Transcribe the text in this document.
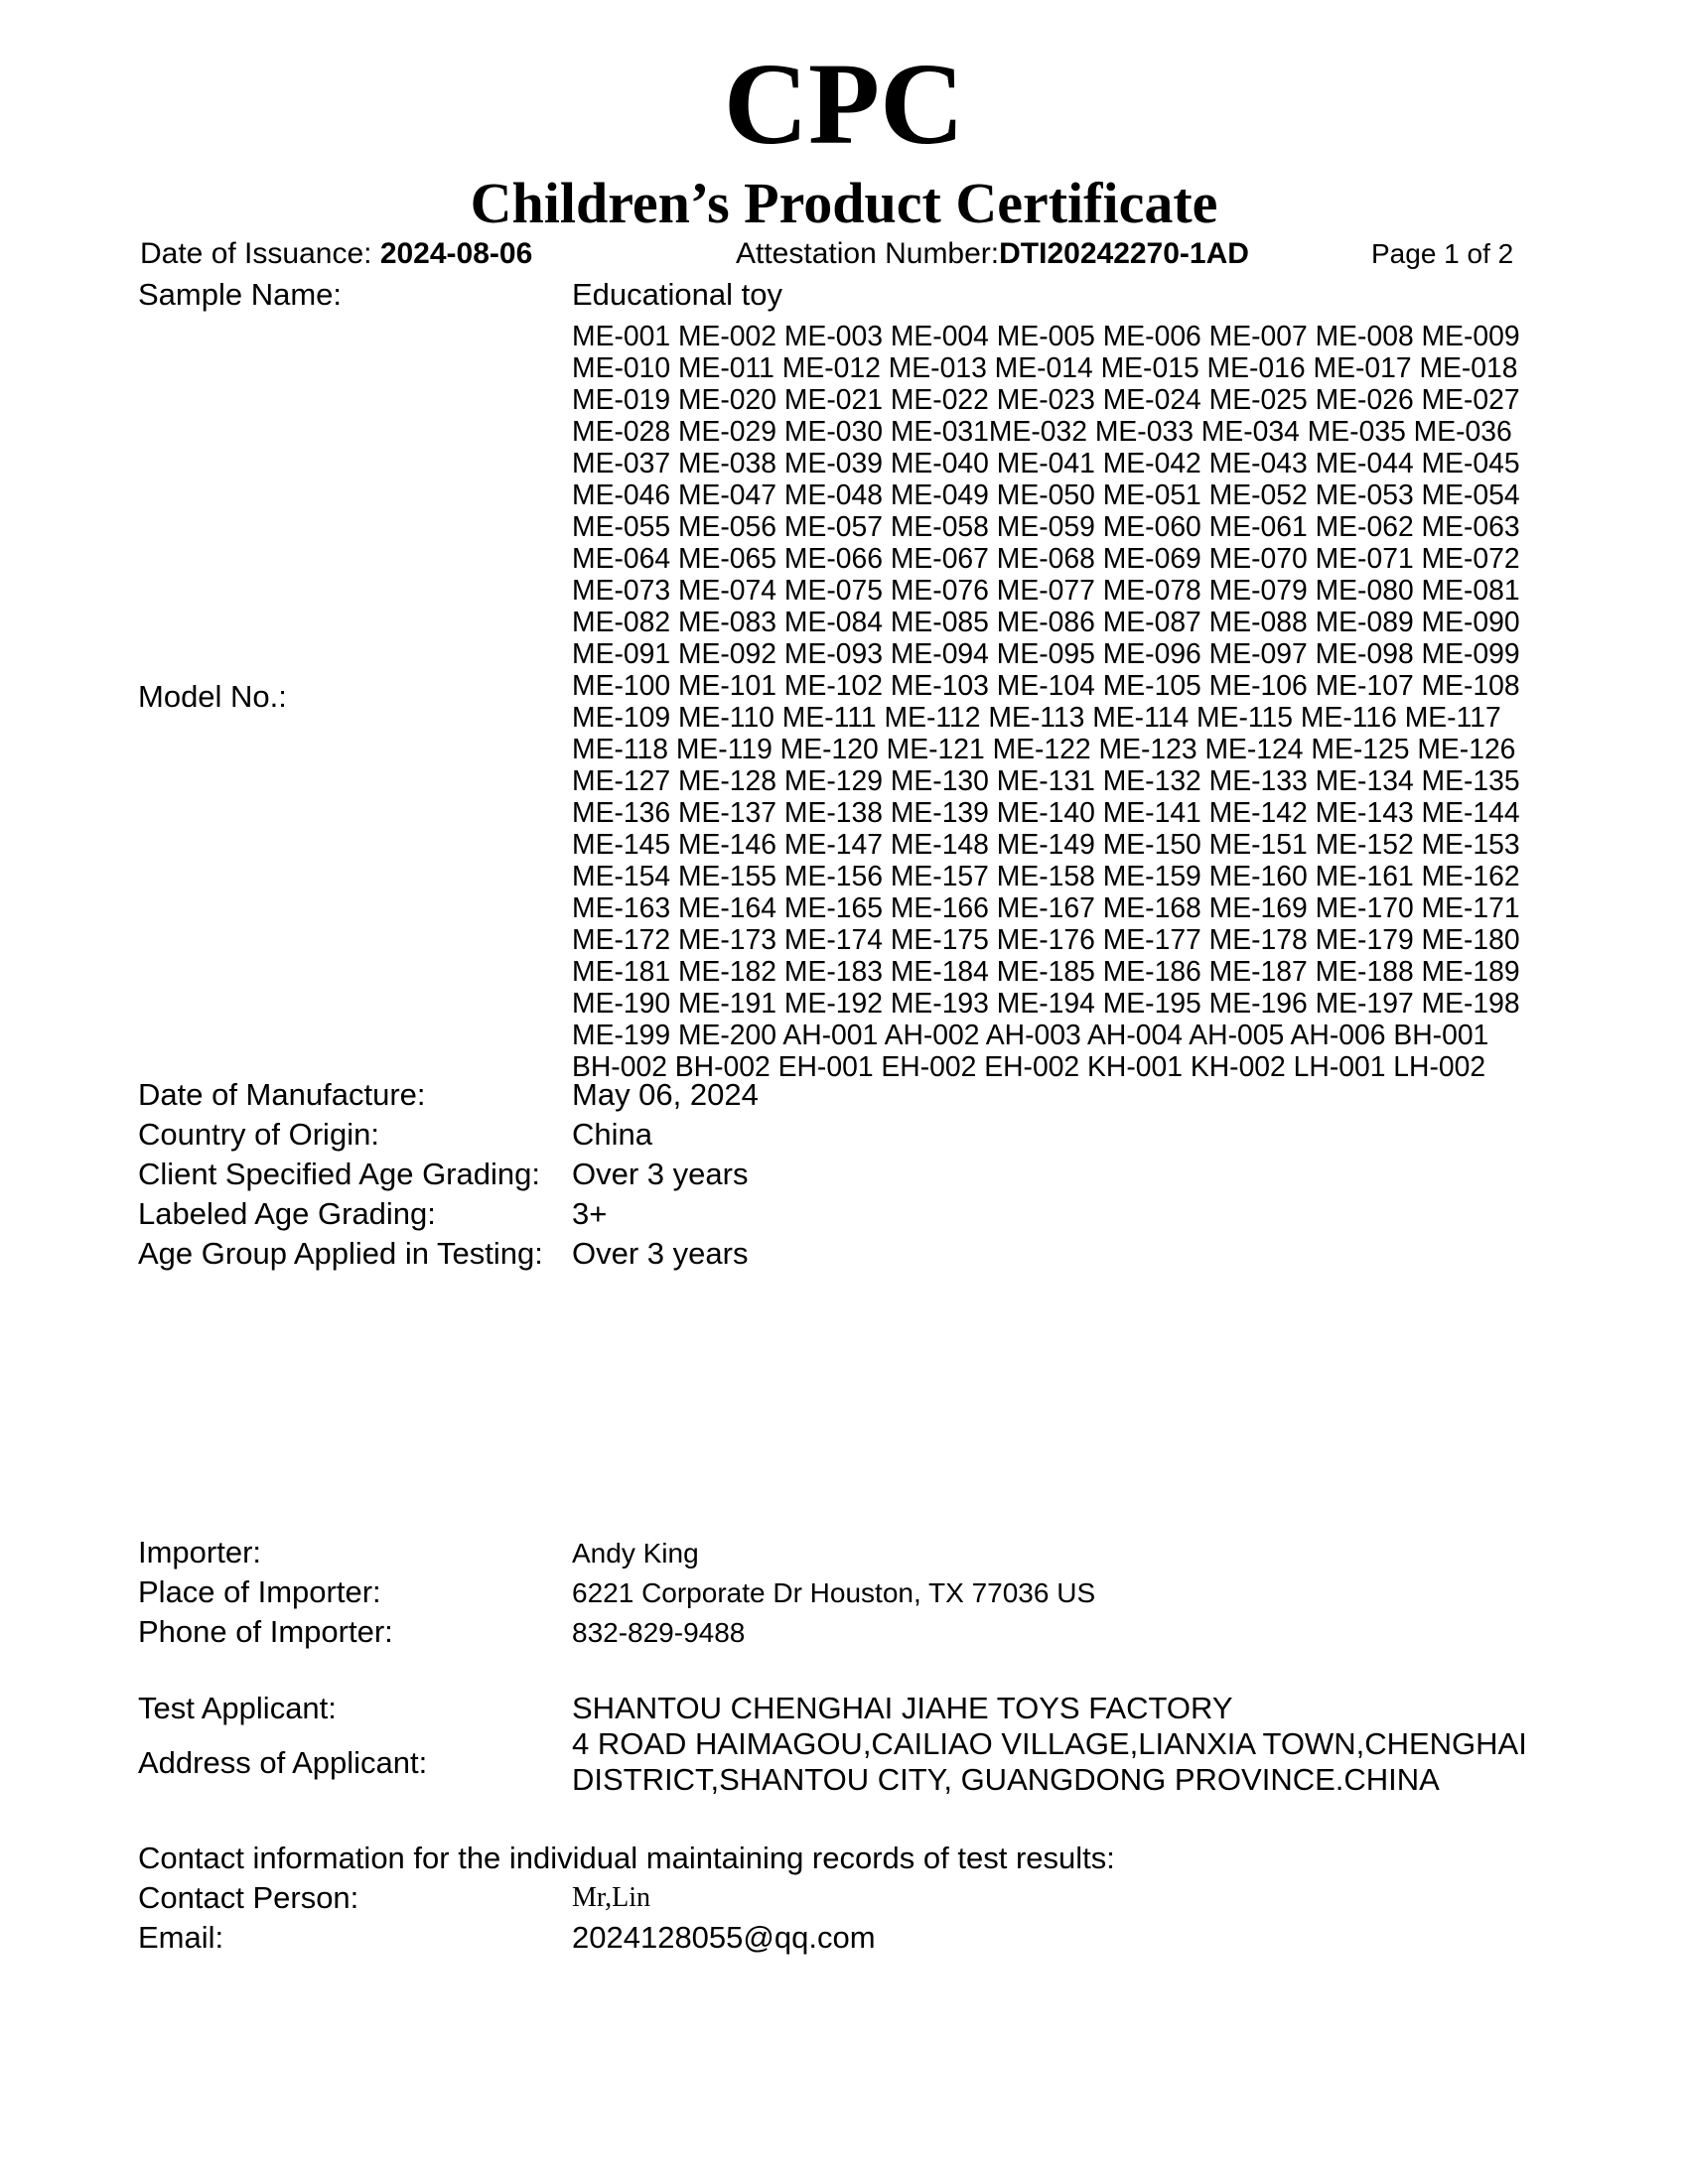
CPC
Children’s Product Certificate
Date of Issuance: 2024-08-06	Attestation Number:DTI20242270-1AD	Page 1 of 2
Sample Name:	Educational toy
Model No.:
ME-001 ME-002 ME-003 ME-004 ME-005 ME-006 ME-007 ME-008 ME-009
ME-010 ME-011 ME-012 ME-013 ME-014 ME-015 ME-016 ME-017 ME-018
ME-019 ME-020 ME-021 ME-022 ME-023 ME-024 ME-025 ME-026 ME-027
ME-028 ME-029 ME-030 ME-031ME-032 ME-033 ME-034 ME-035 ME-036
ME-037 ME-038 ME-039 ME-040 ME-041 ME-042 ME-043 ME-044 ME-045
ME-046 ME-047 ME-048 ME-049 ME-050 ME-051 ME-052 ME-053 ME-054
ME-055 ME-056 ME-057 ME-058 ME-059 ME-060 ME-061 ME-062 ME-063
ME-064 ME-065 ME-066 ME-067 ME-068 ME-069 ME-070 ME-071 ME-072
ME-073 ME-074 ME-075 ME-076 ME-077 ME-078 ME-079 ME-080 ME-081
ME-082 ME-083 ME-084 ME-085 ME-086 ME-087 ME-088 ME-089 ME-090
ME-091 ME-092 ME-093 ME-094 ME-095 ME-096 ME-097 ME-098 ME-099
ME-100 ME-101 ME-102 ME-103 ME-104 ME-105 ME-106 ME-107 ME-108
ME-109 ME-110 ME-111 ME-112 ME-113 ME-114 ME-115 ME-116 ME-117
ME-118 ME-119 ME-120 ME-121 ME-122 ME-123 ME-124 ME-125 ME-126
ME-127 ME-128 ME-129 ME-130 ME-131 ME-132 ME-133 ME-134 ME-135
ME-136 ME-137 ME-138 ME-139 ME-140 ME-141 ME-142 ME-143 ME-144
ME-145 ME-146 ME-147 ME-148 ME-149 ME-150 ME-151 ME-152 ME-153
ME-154 ME-155 ME-156 ME-157 ME-158 ME-159 ME-160 ME-161 ME-162
ME-163 ME-164 ME-165 ME-166 ME-167 ME-168 ME-169 ME-170 ME-171
ME-172 ME-173 ME-174 ME-175 ME-176 ME-177 ME-178 ME-179 ME-180
ME-181 ME-182 ME-183 ME-184 ME-185 ME-186 ME-187 ME-188 ME-189
ME-190 ME-191 ME-192 ME-193 ME-194 ME-195 ME-196 ME-197 ME-198
ME-199 ME-200 AH-001 AH-002 AH-003 AH-004 AH-005 AH-006 BH-001
BH-002 BH-002 EH-001 EH-002 EH-002 KH-001 KH-002 LH-001 LH-002
Date of Manufacture:	May 06, 2024
Country of Origin:	China
Client Specified Age Grading: Over 3 years
Labeled Age Grading:	3+
Age Group Applied in Testing: Over 3 years
Importer:	Andy King
Place of Importer:	6221 Corporate Dr Houston, TX 77036 US
Phone of Importer:	832-829-9488
Test Applicant:	SHANTOU CHENGHAI JIAHE TOYS FACTORY
Address of Applicant:
4 ROAD HAIMAGOU,CAILIAO VILLAGE,LIANXIA TOWN,CHENGHAI
DISTRICT,SHANTOU CITY, GUANGDONG PROVINCE.CHINA
Contact information for the individual maintaining records of test results:
Contact Person:	Mr,Lin
Email:	2024128055@qq.com
